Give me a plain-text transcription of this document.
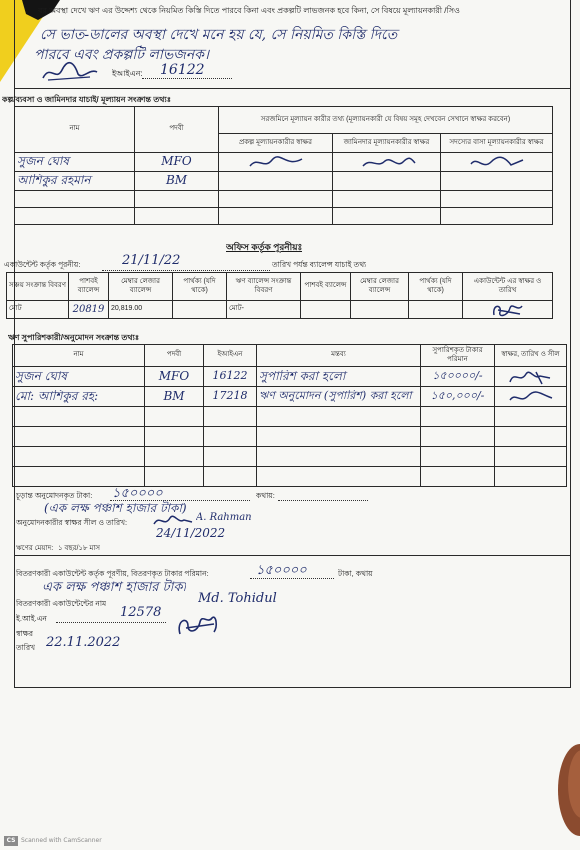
বর অবস্থা দেখে ঋণ এর উদ্দেশ্য থেকে নিয়মিত কিস্তি দিতে পারবে কিনা এবং প্রকল্পটি লাভজনক হবে কিনা, সে বিষয়ে মূল্যায়নকারী /সিও
সে ভাত-ডালের অবস্থা দেখে মনে হয় যে, সে নিয়মিত কিস্তি দিতে
পারবে এবং প্রকল্পটি লাভজনক।
ইআইএন: 16122
কল্প/ব্যবসা ও জামিনদার যাচাই/ মূল্যায়ন সংক্রান্ত তথ্যঃ
নাম	পদবী	সরজমিনে মূল্যায়ন কারীর তথ্য (মূল্যায়নকারী যে বিষয় সমূহ দেখবেন সেখানে স্বাক্ষর করবেন)		
		প্রকল্প মূল্যায়নকারীর স্বাক্ষর	জামিনদার মূল্যায়নকারীর স্বাক্ষর	সদস্যের বাসা মূল্যায়নকারীর স্বাক্ষর

সুজন ঘোষ	MFO

আশিকুর রহমান	BM			

অফিস কর্তৃক পূরনীয়ঃ
একাউন্টেন্ট কর্তৃক পূরনীয়:	21/11/22	তারিখ পর্যন্ত ব্যালেন্স যাচাই তথ্য
সঞ্চয় সংক্রান্ত বিবরণ	পাশবই ব্যালেন্স	মেম্বার লেজার ব্যালেন্স	পার্থক্য (যদি থাকে)	ঋণ ব্যালেন্স সংক্রান্ত বিবরণ	পাশবই ব্যালেন্স	মেম্বার লেজার ব্যালেন্স	পার্থক্য (যদি থাকে)	একাউন্টেন্ট এর স্বাক্ষর ও তারিখ
মোট	20819	20,819.00		মোট-				
ঋণ সুপারিশকারী/অনুমোদন সংক্রান্ত তথ্যঃ
নাম	পদবী	ইআইএন	মন্তব্য	সুপারিশকৃত টাকার পরিমান	স্বাক্ষর, তারিখ ও সীল

সুজন ঘোষ	MFO	16122	সুপারিশ করা হলো	১৫০০০০/-

মো: আশিকুর রহ:	BM	17218	ঋণ অনুমোদন (সুপারিশ) করা হলো	১৫০,০০০/-

চূড়ান্ত অনুমোদনকৃত টাকা: ১৫০০০০	কথায়:
(এক লক্ষ পঞ্চাশ হাজার টাকা)
অনুমোদনকারীর স্বাক্ষর সীল ও তারিখ:	A. Rahman
24/11/2022
ঋণের মেয়াদ: ১ বছর/১৮ মাস
বিতরণকারী একাউন্টেন্ট কর্তৃক পূরণীয়, বিতরণকৃত টাকার পরিমান:	১৫০০০০	টাকা, কথায়
এক লক্ষ পঞ্চাশ হাজার টাকা
বিতরণকারী একাউন্টেন্টের নাম	Md. Tohidul
ই.আই.এন	12578
স্বাক্ষর
তারিখ 22.11.2022
CS Scanned with CamScanner
